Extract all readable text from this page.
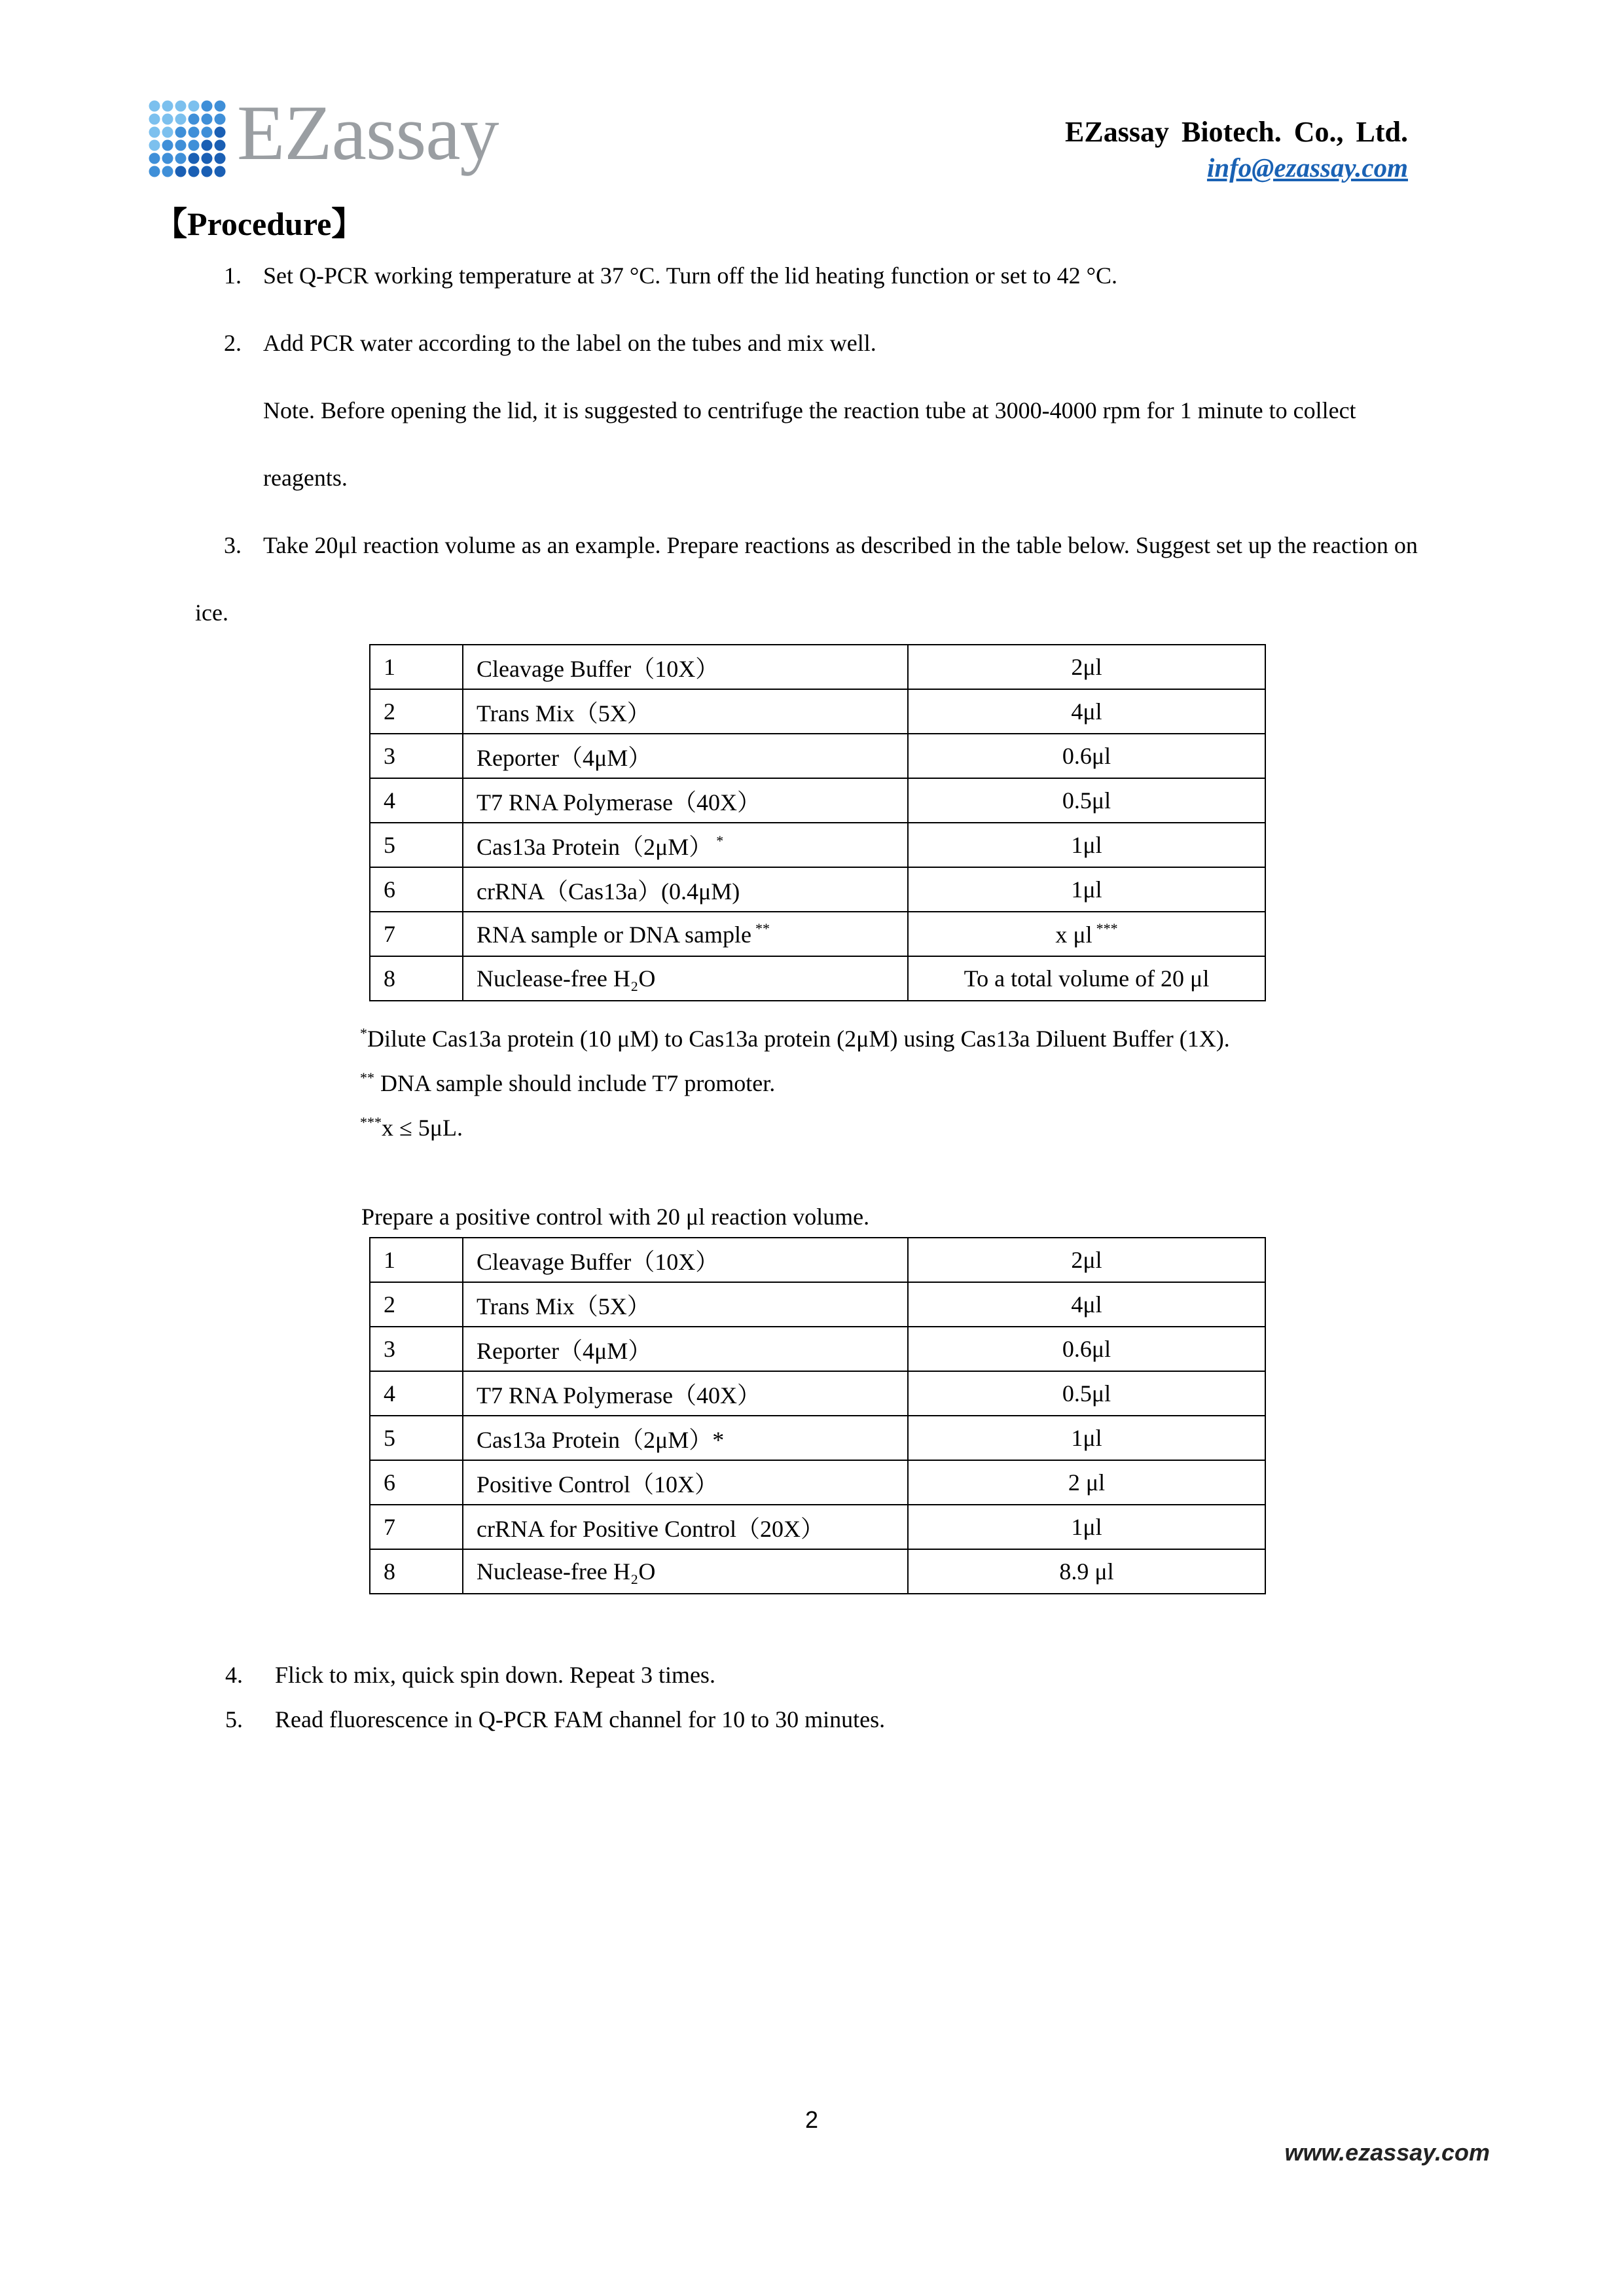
EZassay	EZassay Biotech. Co., Ltd.
info@ezassay.com
【Procedure】
1. Set Q-PCR working temperature at 37 °C. Turn off the lid heating function or set to 42 °C.
2. Add PCR water according to the label on the tubes and mix well.
Note. Before opening the lid, it is suggested to centrifuge the reaction tube at 3000-4000 rpm for 1 minute to collect
reagents.
3. Take 20μl reaction volume as an example. Prepare reactions as described in the table below. Suggest set up the reaction on
ice.
1	Cleavage Buffer（10X）	2μl
2	Trans Mix（5X）	4μl
3	Reporter（4μM）	0.6μl
4	T7 RNA Polymerase（40X）	0.5μl
5	Cas13a Protein（2μM） *	1μl
6	crRNA（Cas13a）(0.4μM)	1μl
7	RNA sample or DNA sample **	x μl ***
8	Nuclease-free H₂O	To a total volume of 20 μl
*Dilute Cas13a protein (10 μM) to Cas13a protein (2μM) using Cas13a Diluent Buffer (1X).
** DNA sample should include T7 promoter.
***x ≤ 5μL.
Prepare a positive control with 20 μl reaction volume.
1	Cleavage Buffer（10X）	2μl
2	Trans Mix（5X）	4μl
3	Reporter（4μM）	0.6μl
4	T7 RNA Polymerase（40X）	0.5μl
5	Cas13a Protein（2μM）*	1μl
6	Positive Control（10X）	2 μl
7	crRNA for Positive Control（20X）	1μl
8	Nuclease-free H₂O	8.9 μl
4. Flick to mix, quick spin down. Repeat 3 times.
5. Read fluorescence in Q-PCR FAM channel for 10 to 30 minutes.
2
www.ezassay.com
